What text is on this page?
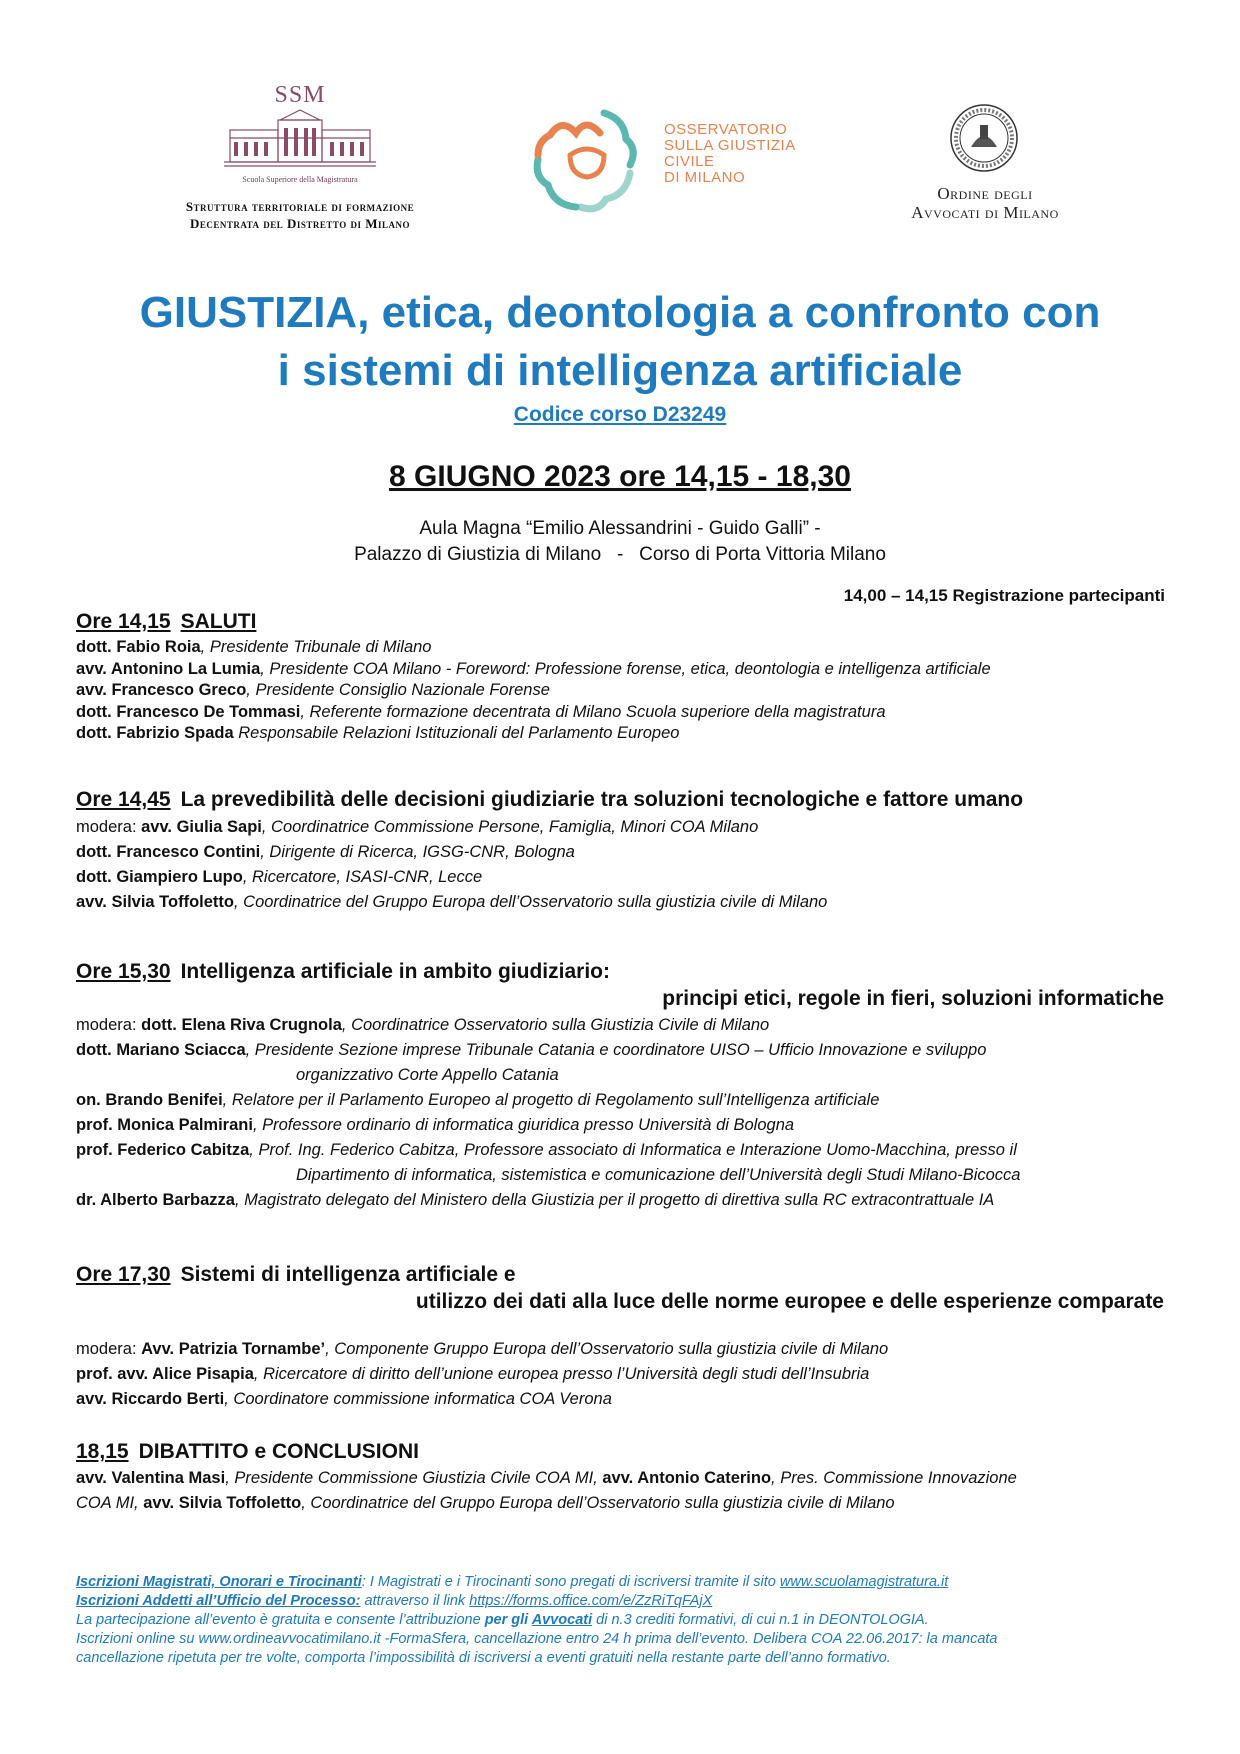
SSM
Scuola Superiore della Magistratura
Struttura territoriale di formazione
Decentrata del Distretto di Milano
OSSERVATORIO
SULLA GIUSTIZIA
CIVILE
DI MILANO
Ordine degli
Avvocati di Milano
GIUSTIZIA, etica, deontologia a confronto con
i sistemi di intelligenza artificiale
Codice corso D23249
8 GIUGNO 2023 ore 14,15 - 18,30
Aula Magna “Emilio Alessandrini - Guido Galli” -
Palazzo di Giustizia di Milano   -   Corso di Porta Vittoria Milano
14,00 – 14,15 Registrazione partecipanti
Ore 14,15 SALUTI
dott. Fabio Roia, Presidente Tribunale di Milano
avv. Antonino La Lumia, Presidente COA Milano - Foreword: Professione forense, etica, deontologia e intelligenza artificiale
avv. Francesco Greco, Presidente Consiglio Nazionale Forense
dott. Francesco De Tommasi, Referente formazione decentrata di Milano Scuola superiore della magistratura
dott. Fabrizio Spada Responsabile Relazioni Istituzionali del Parlamento Europeo
Ore 14,45 La prevedibilità delle decisioni giudiziarie tra soluzioni tecnologiche e fattore umano
modera: avv. Giulia Sapi, Coordinatrice Commissione Persone, Famiglia, Minori COA Milano
dott. Francesco Contini, Dirigente di Ricerca, IGSG-CNR, Bologna
dott. Giampiero Lupo, Ricercatore, ISASI-CNR, Lecce
avv. Silvia Toffoletto, Coordinatrice del Gruppo Europa dell’Osservatorio sulla giustizia civile di Milano
Ore 15,30 Intelligenza artificiale in ambito giudiziario:
principi etici, regole in fieri, soluzioni informatiche
modera: dott. Elena Riva Crugnola, Coordinatrice Osservatorio sulla Giustizia Civile di Milano
dott. Mariano Sciacca, Presidente Sezione imprese Tribunale Catania e coordinatore UISO – Ufficio Innovazione e sviluppo
organizzativo Corte Appello Catania
on. Brando Benifei, Relatore per il Parlamento Europeo al progetto di Regolamento sull’Intelligenza artificiale
prof. Monica Palmirani, Professore ordinario di informatica giuridica presso Università di Bologna
prof. Federico Cabitza, Prof. Ing. Federico Cabitza, Professore associato di Informatica e Interazione Uomo-Macchina, presso il
Dipartimento di informatica, sistemistica e comunicazione dell’Università degli Studi Milano-Bicocca
dr. Alberto Barbazza, Magistrato delegato del Ministero della Giustizia per il progetto di direttiva sulla RC extracontrattuale IA
Ore 17,30 Sistemi di intelligenza artificiale e
utilizzo dei dati alla luce delle norme europee e delle esperienze comparate
modera: Avv. Patrizia Tornambe’, Componente Gruppo Europa dell’Osservatorio sulla giustizia civile di Milano
prof. avv. Alice Pisapia, Ricercatore di diritto dell’unione europea presso l’Università degli studi dell’Insubria
avv. Riccardo Berti, Coordinatore commissione informatica COA Verona
18,15 DIBATTITO e CONCLUSIONI
avv. Valentina Masi, Presidente Commissione Giustizia Civile COA MI, avv. Antonio Caterino, Pres. Commissione Innovazione
COA MI, avv. Silvia Toffoletto, Coordinatrice del Gruppo Europa dell’Osservatorio sulla giustizia civile di Milano
Iscrizioni Magistrati, Onorari e Tirocinanti: I Magistrati e i Tirocinanti sono pregati di iscriversi tramite il sito www.scuolamagistratura.it
Iscrizioni Addetti all’Ufficio del Processo: attraverso il link https://forms.office.com/e/ZzRiTqFAjX
La partecipazione all’evento è gratuita e consente l’attribuzione per gli Avvocati di n.3 crediti formativi, di cui n.1 in DEONTOLOGIA.
Iscrizioni online su www.ordineavvocatimilano.it -FormaSfera, cancellazione entro 24 h prima dell’evento. Delibera COA 22.06.2017: la mancata
cancellazione ripetuta per tre volte, comporta l’impossibilità di iscriversi a eventi gratuiti nella restante parte dell’anno formativo.
